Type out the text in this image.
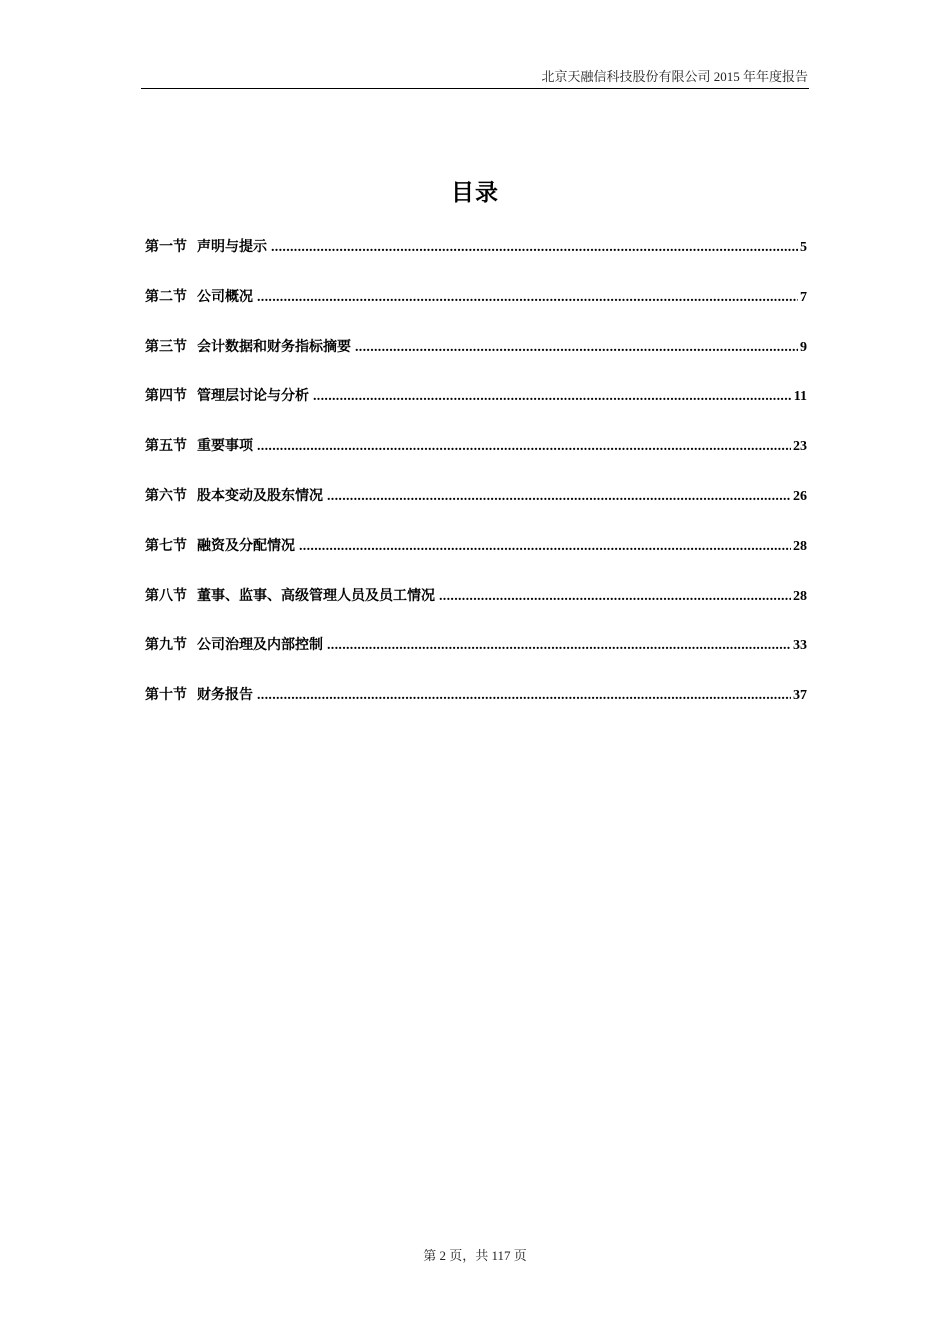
北京天融信科技股份有限公司 2015 年年度报告
目录
第一节 声明与提示 .....	5
第二节 公司概况 .....	7
第三节 会计数据和财务指标摘要 .....	9
第四节 管理层讨论与分析 .....	11
第五节 重要事项 .....	23
第六节 股本变动及股东情况 .....	26
第七节 融资及分配情况 .....	28
第八节 董事、监事、高级管理人员及员工情况 .....	28
第九节 公司治理及内部控制 .....	33
第十节 财务报告 .....	37
第 2 页，共 117 页
